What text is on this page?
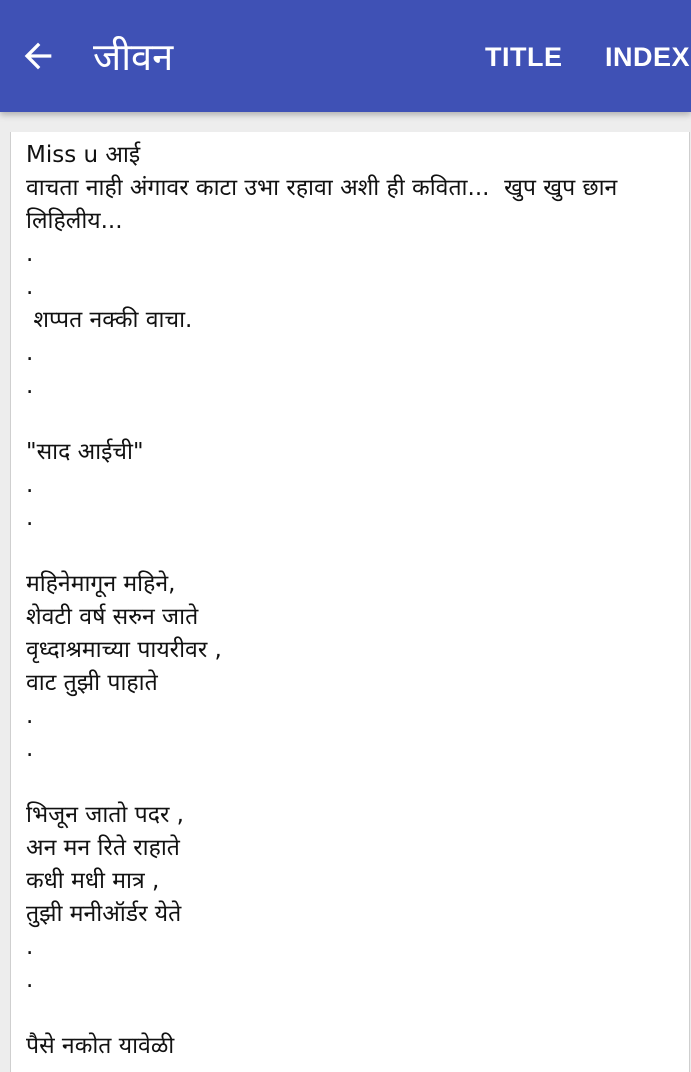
जीवन	TITLE INDEX

Miss u आई
वाचता नाही अंगावर काटा उभा रहावा अशी ही कविता...  खुप खुप छान लिहिलीय...
.
.
शप्पत नक्की वाचा.
.
.

"साद आईची"
.
.

महिनेमागून महिने,
शेवटी वर्ष सरुन जाते
वृध्दाश्रमाच्या पायरीवर ,
वाट तुझी पाहाते
.
.

भिजून जातो पदर ,
अन मन रिते राहाते
कधी मधी मात्र ,
तुझी मनीऑर्डर येते
.
.

पैसे नकोत यावेळी
